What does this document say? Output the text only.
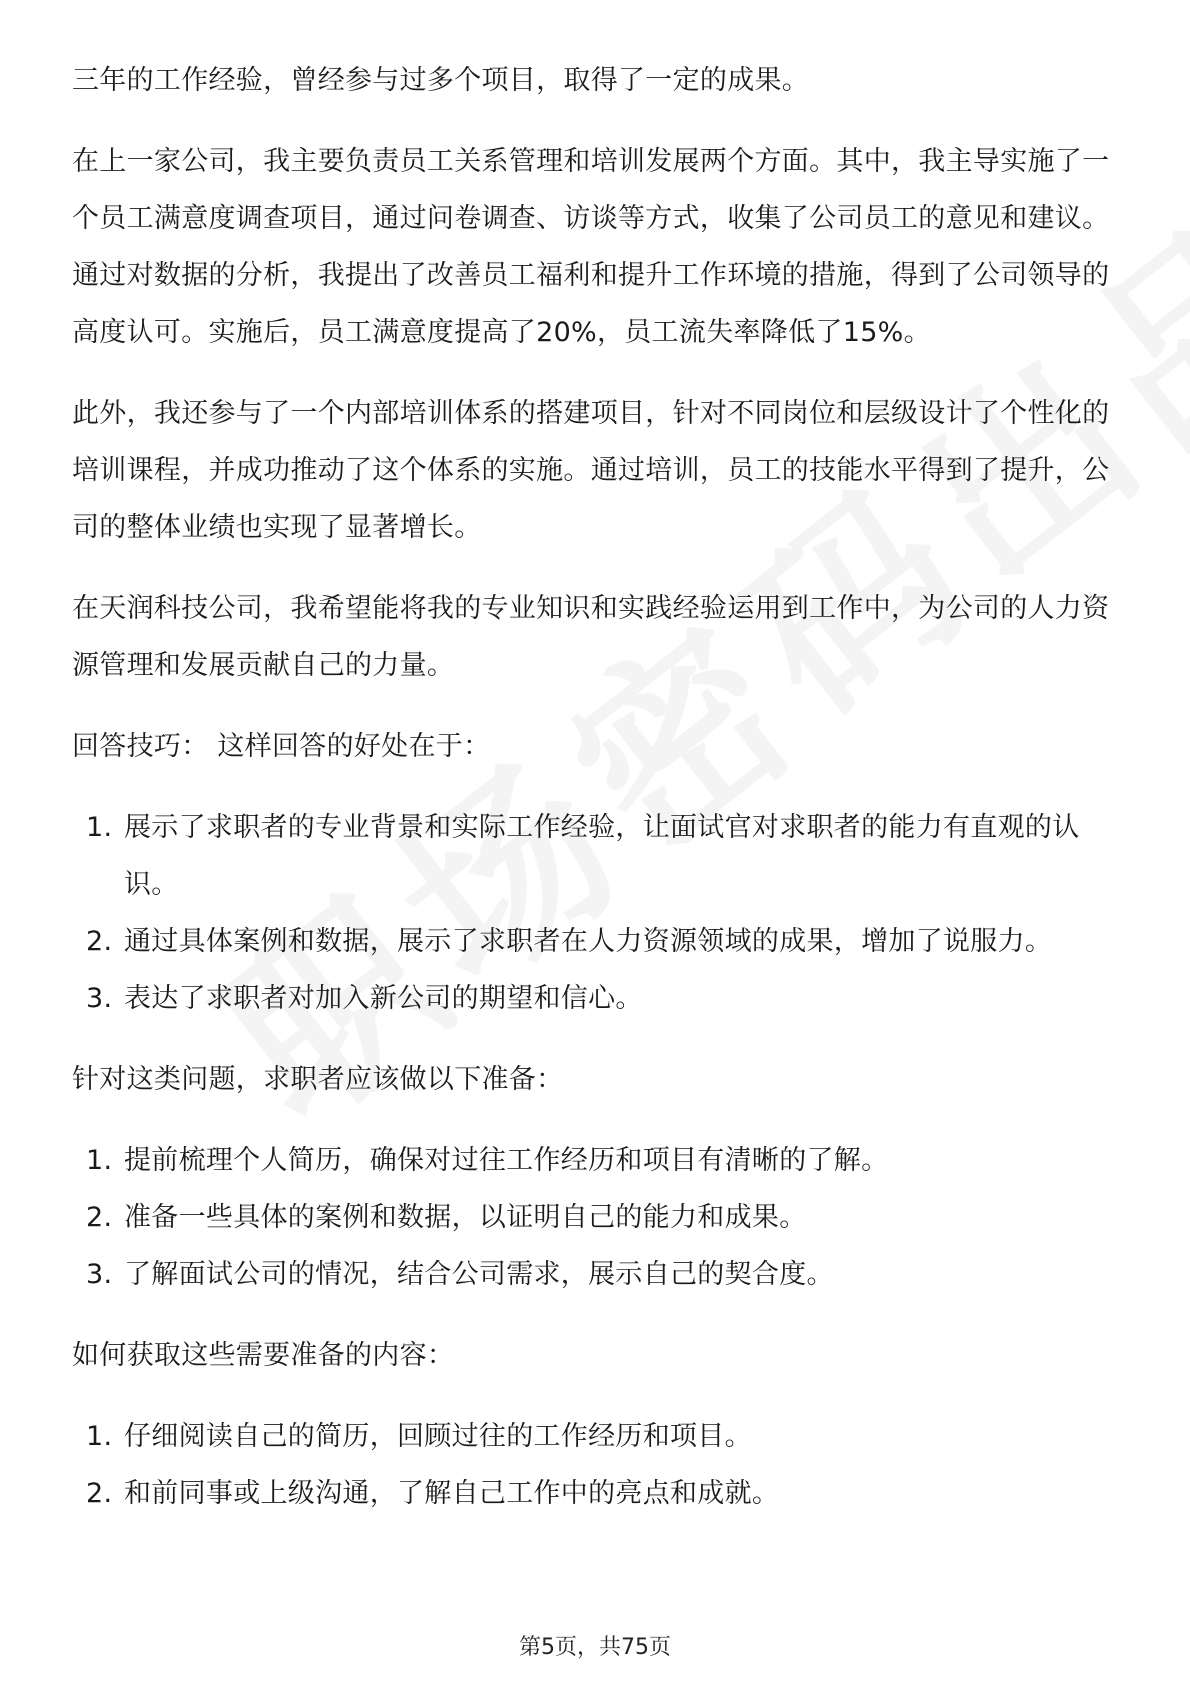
三年的工作经验，曾经参与过多个项目，取得了一定的成果。

在上一家公司，我主要负责员工关系管理和培训发展两个方面。其中，我主导实施了一个员工满意度调查项目，通过问卷调查、访谈等方式，收集了公司员工的意见和建议。通过对数据的分析，我提出了改善员工福利和提升工作环境的措施，得到了公司领导的高度认可。实施后，员工满意度提高了20%，员工流失率降低了15%。

此外，我还参与了一个内部培训体系的搭建项目，针对不同岗位和层级设计了个性化的培训课程，并成功推动了这个体系的实施。通过培训，员工的技能水平得到了提升，公司的整体业绩也实现了显著增长。

在天润科技公司，我希望能将我的专业知识和实践经验运用到工作中，为公司的人力资源管理和发展贡献自己的力量。

回答技巧： 这样回答的好处在于：

1. 展示了求职者的专业背景和实际工作经验，让面试官对求职者的能力有直观的认识。
2. 通过具体案例和数据，展示了求职者在人力资源领域的成果，增加了说服力。
3. 表达了求职者对加入新公司的期望和信心。

针对这类问题，求职者应该做以下准备：

1. 提前梳理个人简历，确保对过往工作经历和项目有清晰的了解。
2. 准备一些具体的案例和数据，以证明自己的能力和成果。
3. 了解面试公司的情况，结合公司需求，展示自己的契合度。

如何获取这些需要准备的内容：

1. 仔细阅读自己的简历，回顾过往的工作经历和项目。
2. 和前同事或上级沟通，了解自己工作中的亮点和成就。
第5页，共75页
